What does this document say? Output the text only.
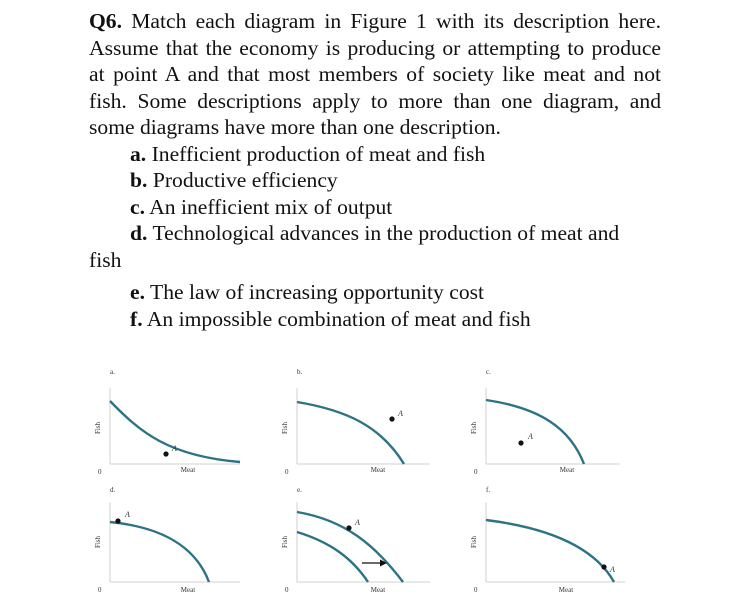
Q6. Match each diagram in Figure 1 with its description here. Assume that the economy is producing or attempting to produce at point A and that most members of society like meat and not fish. Some descriptions apply to more than one diagram, and some diagrams have more than one description.

a. Inefficient production of meat and fish

b. Productive efficiency

c. An inefficient mix of output

d. Technological advances in the production of meat and

fish

e. The law of increasing opportunity cost

f. An impossible combination of meat and fish

a.
Fish
Meat
0
A
b.
Fish
Meat
0
A
c.
Fish
Meat
0
A
d.
Fish
Meat
0
A
e.
Fish
Meat
0
A
f.
Fish
Meat
0
A
